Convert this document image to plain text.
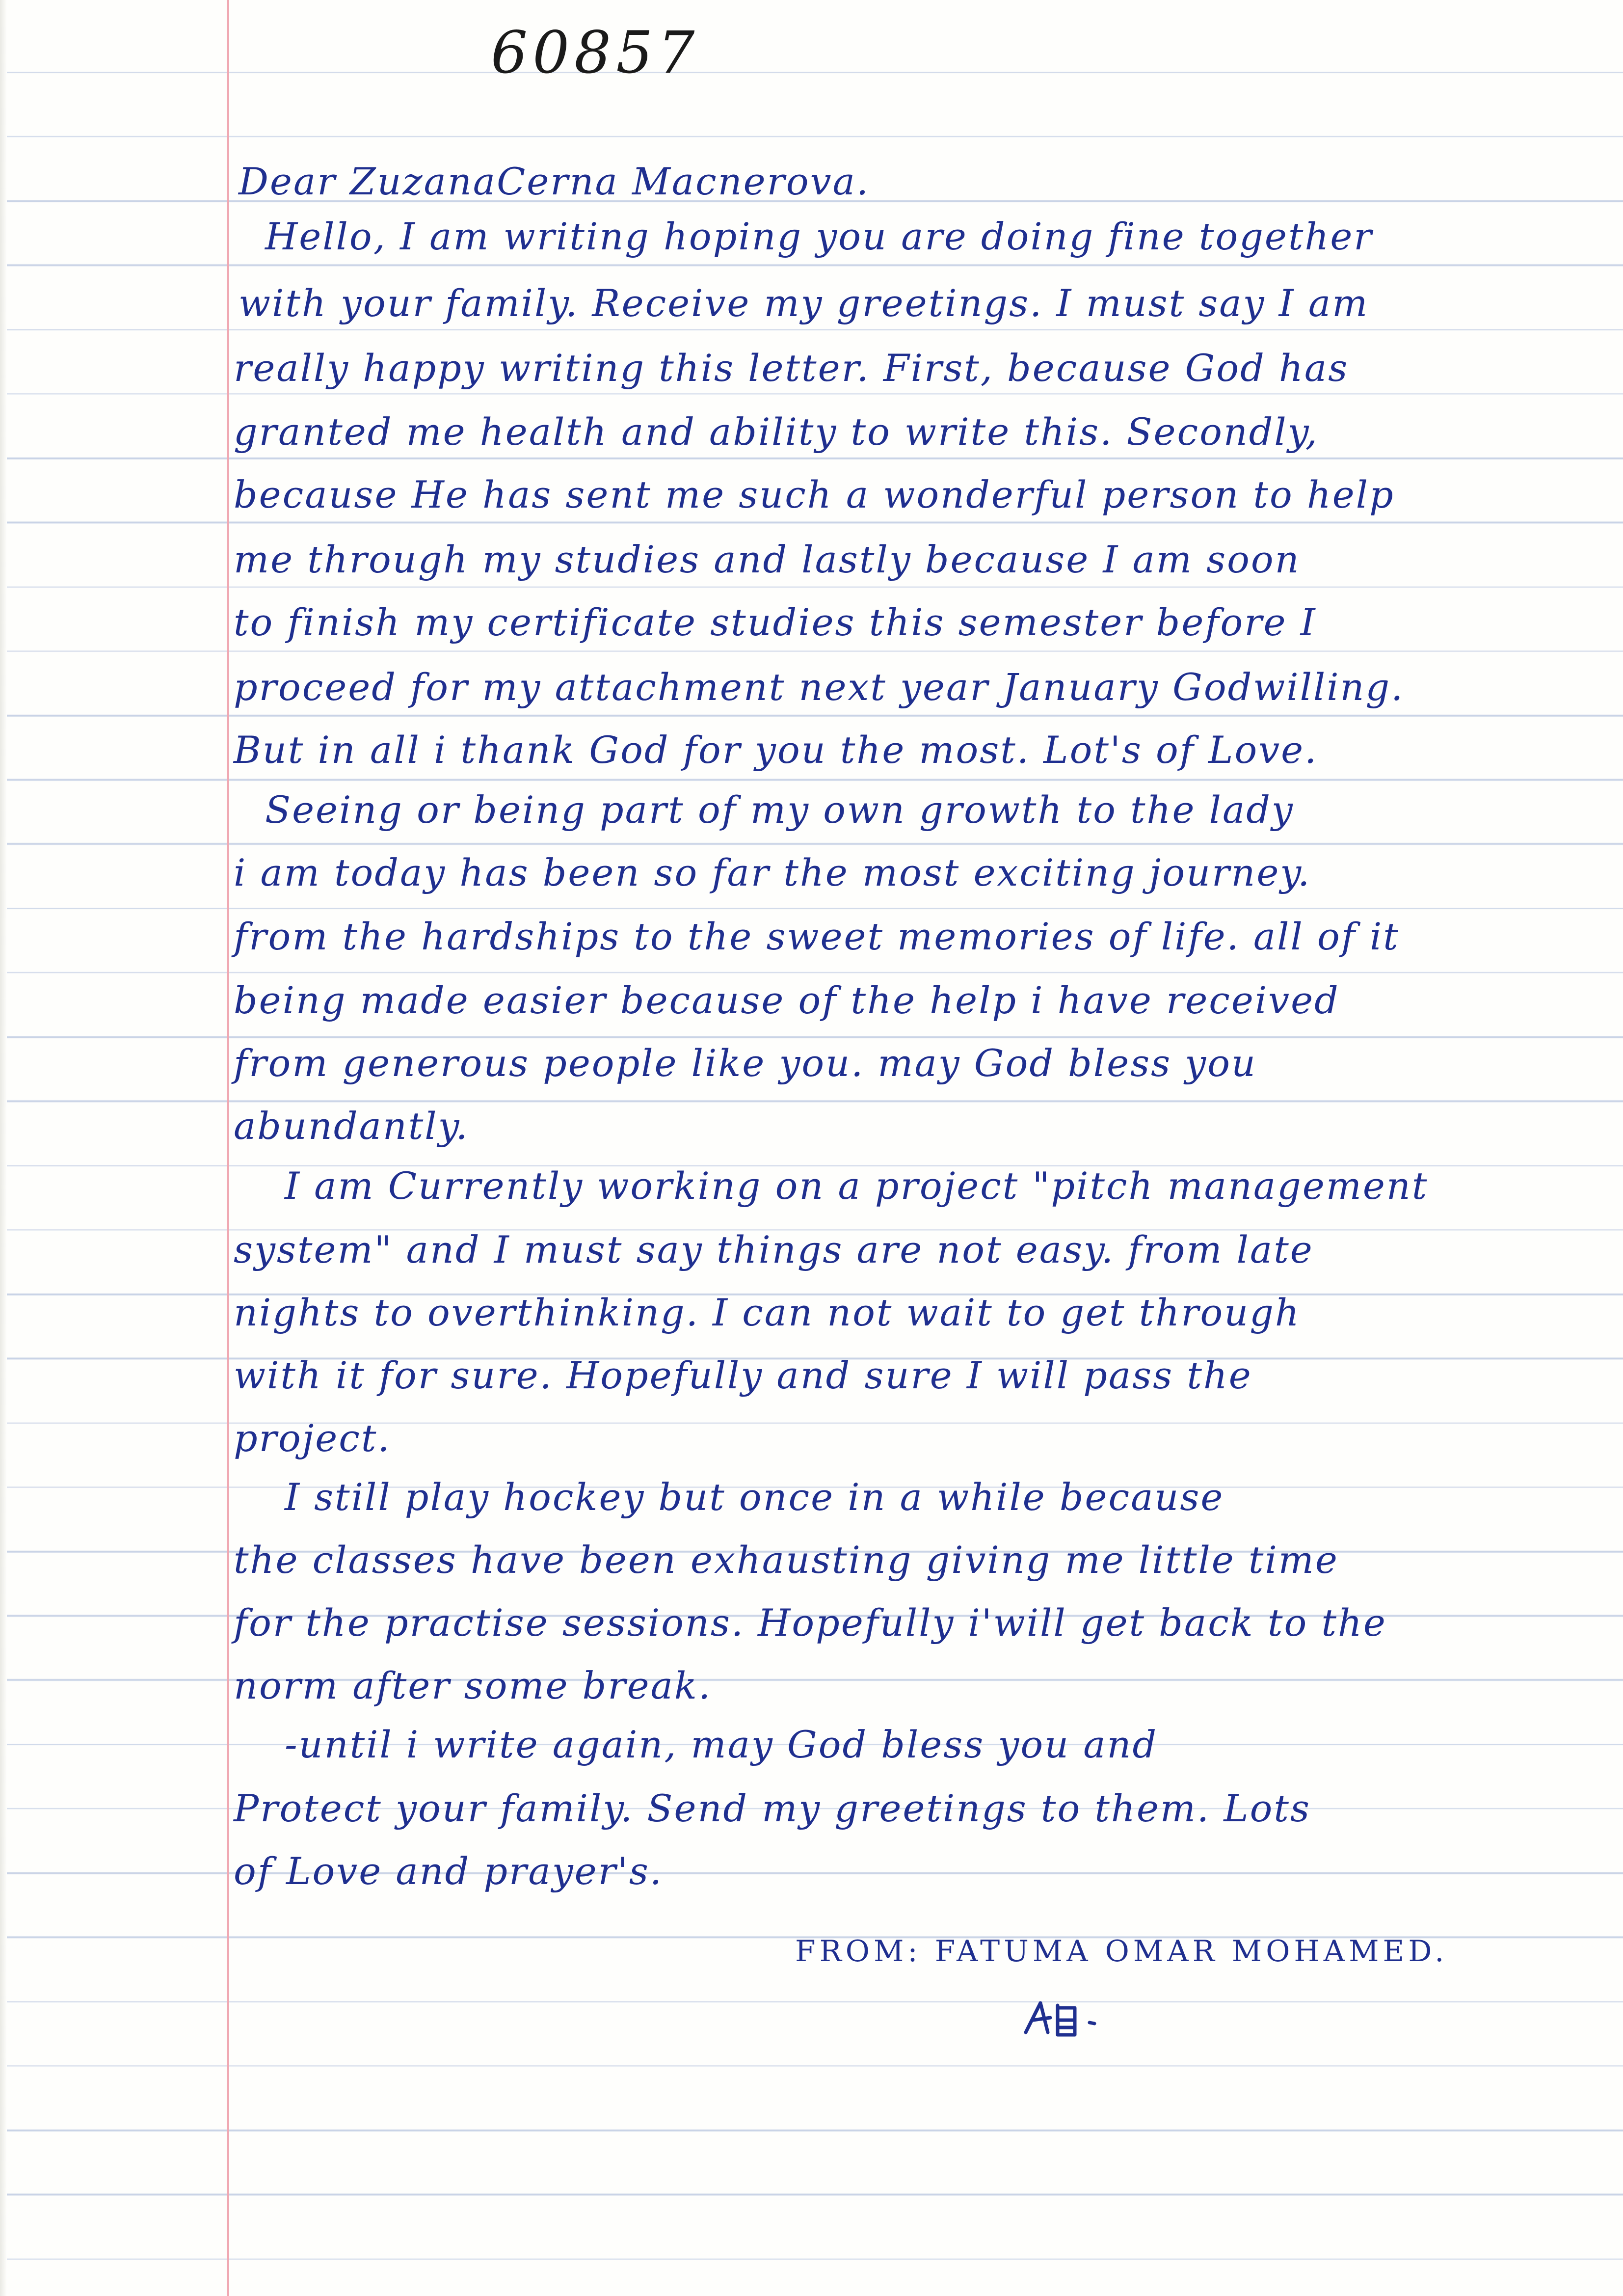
60857
Dear ZuzanaCerna Macnerova.
Hello, I am writing hoping you are doing fine together
with your family. Receive my greetings. I must say I am
really happy writing this letter. First, because God has
granted me health and ability to write this. Secondly,
because He has sent me such a wonderful person to help
me through my studies and lastly because I am soon
to finish my certificate studies this semester before I
proceed for my attachment next year January Godwilling.
But in all i thank God for you the most. Lot's of Love.
Seeing or being part of my own growth to the lady
i am today has been so far the most exciting journey.
from the hardships to the sweet memories of life. all of it
being made easier because of the help i have received
from generous people like you. may God bless you
abundantly.
I am Currently working on a project "pitch management
system" and I must say things are not easy. from late
nights to overthinking. I can not wait to get through
with it for sure. Hopefully and sure I will pass the
project.
I still play hockey but once in a while because
the classes have been exhausting giving me little time
for the practise sessions. Hopefully i'will get back to the
norm after some break.
-until i write again, may God bless you and
Protect your family. Send my greetings to them. Lots
of Love and prayer's.
FROM: FATUMA OMAR MOHAMED.
